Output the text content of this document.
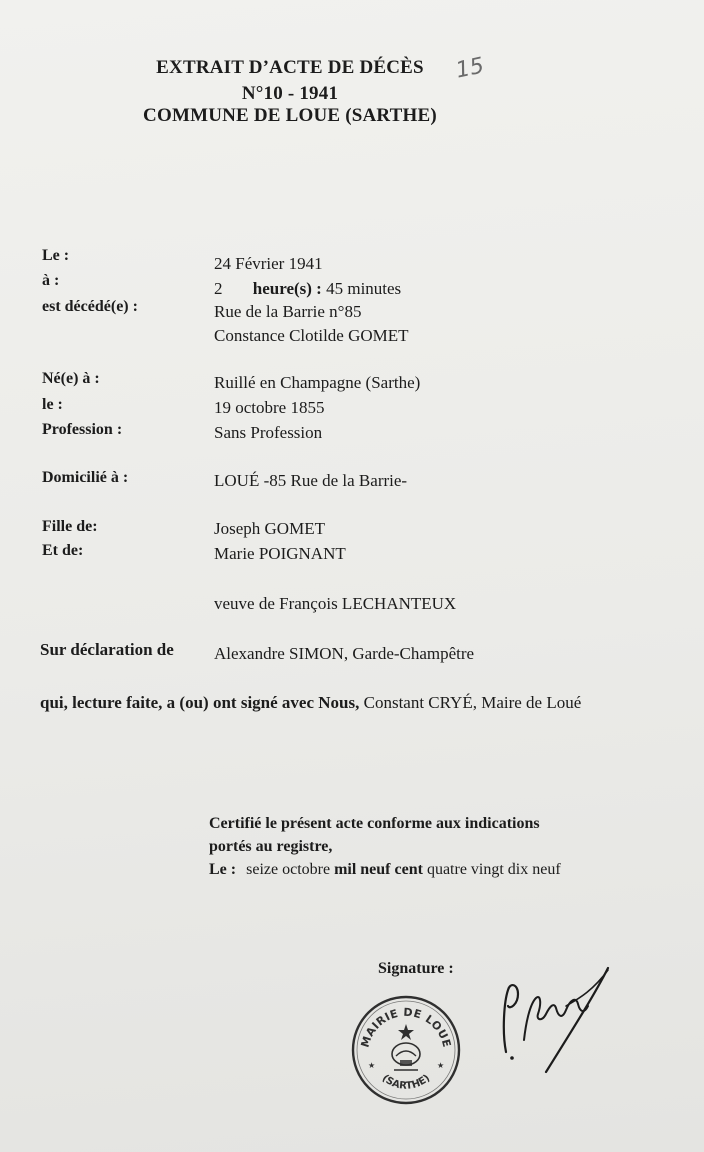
EXTRAIT D’ACTE DE DÉCÈS	15
N°10 - 1941
COMMUNE DE LOUE (SARTHE)
Le :	24 Février 1941
à :	2 heure(s) : 45 minutes
est décédé(e) :	Rue de la Barrie n°85
Constance Clotilde GOMET
Né(e) à :	Ruillé en Champagne (Sarthe)
le :	19 octobre 1855
Profession :	Sans Profession
Domicilié à :	LOUÉ -85 Rue de la Barrie-
Fille de:	Joseph GOMET
Et de:	Marie POIGNANT
veuve de François LECHANTEUX
Sur déclaration de Alexandre SIMON, Garde-Champêtre
qui, lecture faite, a (ou) ont signé avec Nous, Constant CRYÉ, Maire de Loué
Certifié le présent acte conforme aux indications
portés au registre,
Le : seize octobre mil neuf cent quatre vingt dix neuf
Signature :
MAIRIE DE LOUE
(SARTHE)
★	★
